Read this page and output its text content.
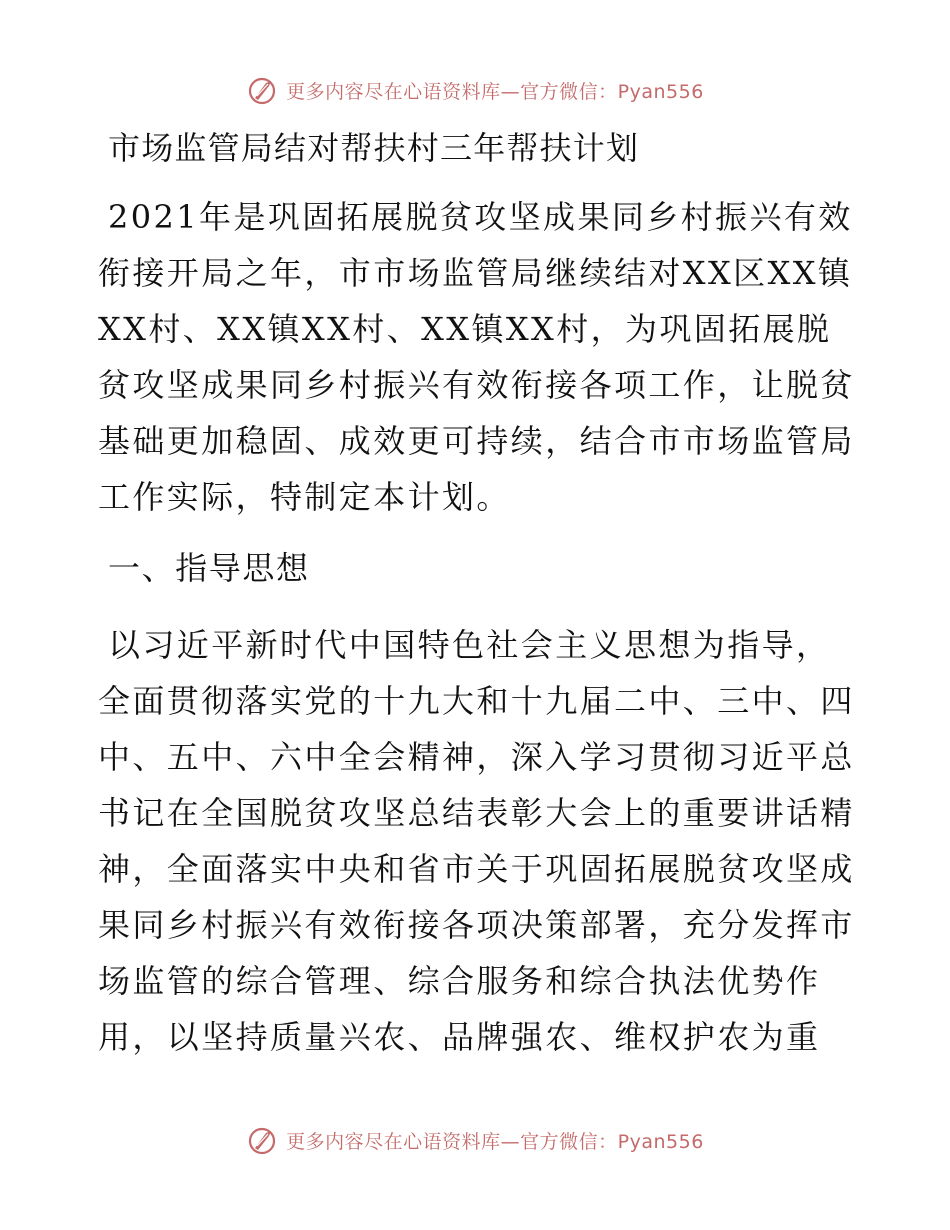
更多内容尽在心语资料库—官方微信：Pyan556
市场监管局结对帮扶村三年帮扶计划

2021年是巩固拓展脱贫攻坚成果同乡村振兴有效衔接开局之年，市市场监管局继续结对XX区XX镇XX村、XX镇XX村、XX镇XX村，为巩固拓展脱贫攻坚成果同乡村振兴有效衔接各项工作，让脱贫基础更加稳固、成效更可持续，结合市市场监管局工作实际，特制定本计划。

一、指导思想

以习近平新时代中国特色社会主义思想为指导，全面贯彻落实党的十九大和十九届二中、三中、四中、五中、六中全会精神，深入学习贯彻习近平总书记在全国脱贫攻坚总结表彰大会上的重要讲话精神，全面落实中央和省市关于巩固拓展脱贫攻坚成果同乡村振兴有效衔接各项决策部署，充分发挥市场监管的综合管理、综合服务和综合执法优势作用，以坚持质量兴农、品牌强农、维权护农为重

更多内容尽在心语资料库—官方微信：Pyan556
